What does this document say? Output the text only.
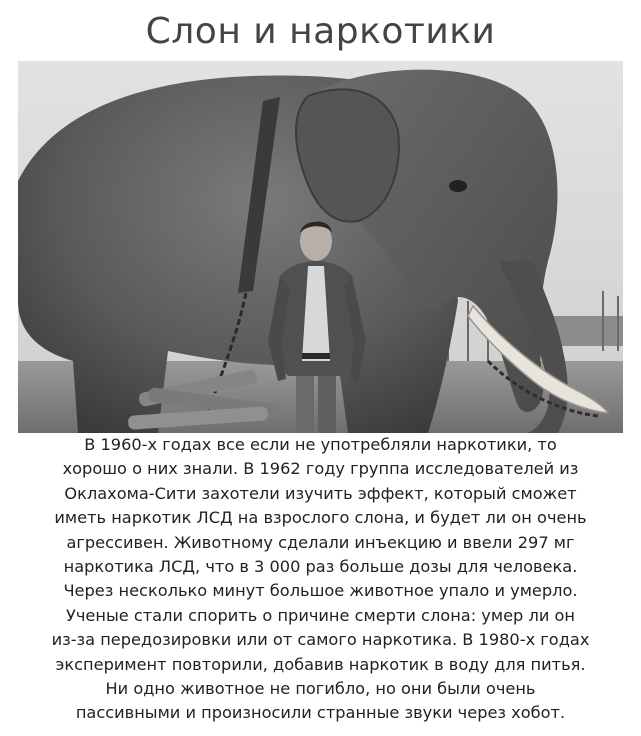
Слон и наркотики
В 1960-х годах все если не употребляли наркотики, то
хорошо о них знали. В 1962 году группа исследователей из
Оклахома-Сити захотели изучить эффект, который сможет
иметь наркотик ЛСД на взрослого слона, и будет ли он очень
агрессивен. Животному сделали инъекцию и ввели 297 мг
наркотика ЛСД, что в 3 000 раз больше дозы для человека.
Через несколько минут большое животное упало и умерло.
Ученые стали спорить о причине смерти слона: умер ли он
из-за передозировки или от самого наркотика. В 1980-х годах
эксперимент повторили, добавив наркотик в воду для питья.
Ни одно животное не погибло, но они были очень
пассивными и произносили странные звуки через хобот.
